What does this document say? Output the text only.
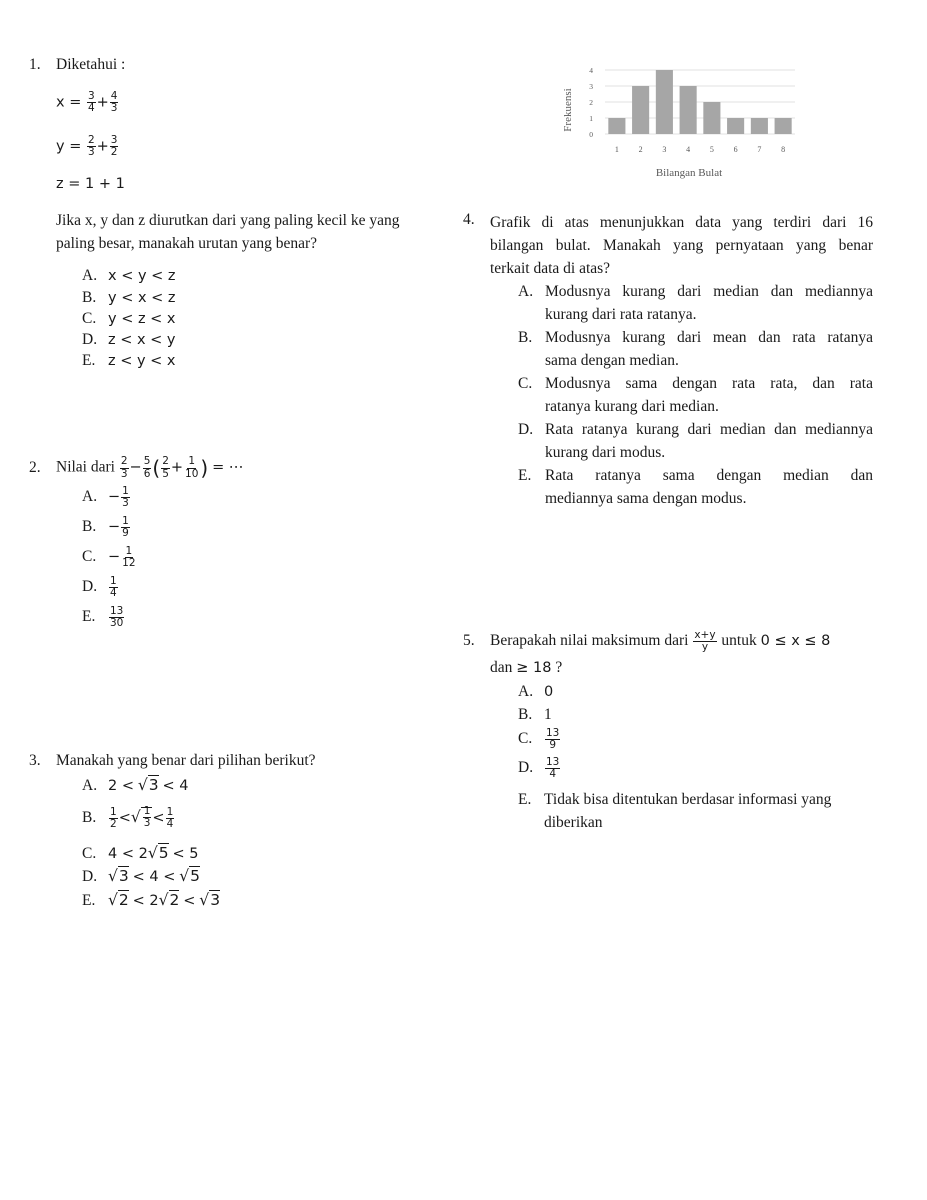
1. Diketahui :
$x = \frac{3}{4} + \frac{4}{3}$
$y = \frac{2}{3} + \frac{3}{2}$
z = 1 + 1
Jika x, y dan z diurutkan dari yang paling kecil ke yang
paling besar, manakah urutan yang benar?
A. x < y < z
B. y < x < z
C. y < z < x
D. z < x < y
E. z < y < x
2. Nilai dari $\frac{2}{3} - \frac{5}{6}$ ( $\frac{2}{5} + \frac{1}{10}$ ) = ⋯
A. − $\frac{1}{3}$
B. − $\frac{1}{9}$
C. − $\frac{1}{12}$
D. $\frac{1}{4}$
E. $\frac{13}{30}$
3. Manakah yang benar dari pilihan berikut?
A. 2 < √3 < 4
B. $\frac{1}{2}$ <√ $\frac{1}{3} < \frac{1}{4}$
C. 4 < 2√5 < 5
D. √3 < 4 < √5
E. √2 < 2√2 < √3
0
1
2
3
4
1 2 3 4 5 6 7 8
Frekuensi
Bilangan Bulat
4. Grafik di atas menunjukkan data yang terdiri dari 16
bilangan bulat. Manakah yang pernyataan yang benar
terkait data di atas?
A. Modusnya kurang dari median dan mediannya
kurang dari rata ratanya.
B. Modusnya kurang dari mean dan rata ratanya
sama dengan median.
C. Modusnya sama dengan rata rata, dan rata
ratanya kurang dari median.
D. Rata ratanya kurang dari median dan mediannya
kurang dari modus.
E. Rata ratanya sama dengan median dan
mediannya sama dengan modus.
5. Berapakah nilai maksimum dari $\frac{x+y}{y}$ untuk 0 ≤ x ≤ 8
dan ≥ 18 ?
A. 0
B. 1
C. $\frac{13}{9}$
D. $\frac{13}{4}$
E. Tidak bisa ditentukan berdasar informasi yang
diberikan
